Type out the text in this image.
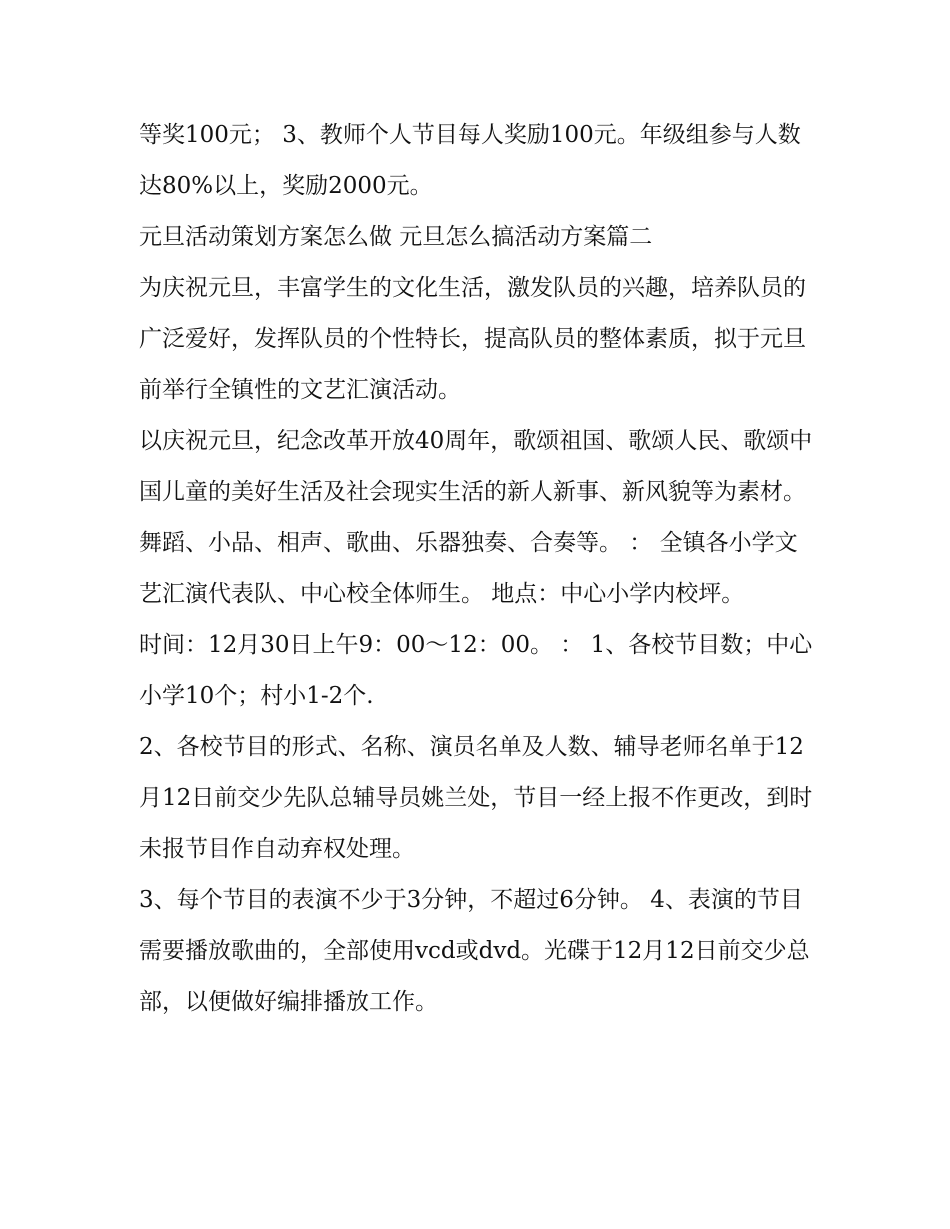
等奖100元； 3、教师个人节目每人奖励100元。年级组参与人数达80%以上，奖励2000元。

元旦活动策划方案怎么做 元旦怎么搞活动方案篇二

为庆祝元旦，丰富学生的文化生活，激发队员的兴趣，培养队员的广泛爱好，发挥队员的个性特长，提高队员的整体素质，拟于元旦前举行全镇性的文艺汇演活动。

以庆祝元旦，纪念改革开放40周年，歌颂祖国、歌颂人民、歌颂中国儿童的美好生活及社会现实生活的新人新事、新风貌等为素材。

舞蹈、小品、相声、歌曲、乐器独奏、合奏等。 ： 全镇各小学文艺汇演代表队、中心校全体师生。 地点：中心小学内校坪。

时间：12月30日上午9：00～12：00。 ： 1、各校节目数；中心小学10个；村小1-2个.

2、各校节目的形式、名称、演员名单及人数、辅导老师名单于12月12日前交少先队总辅导员姚兰处，节目一经上报不作更改，到时未报节目作自动弃权处理。

3、每个节目的表演不少于3分钟，不超过6分钟。 4、表演的节目需要播放歌曲的，全部使用vcd或dvd。光碟于12月12日前交少总部，以便做好编排播放工作。
